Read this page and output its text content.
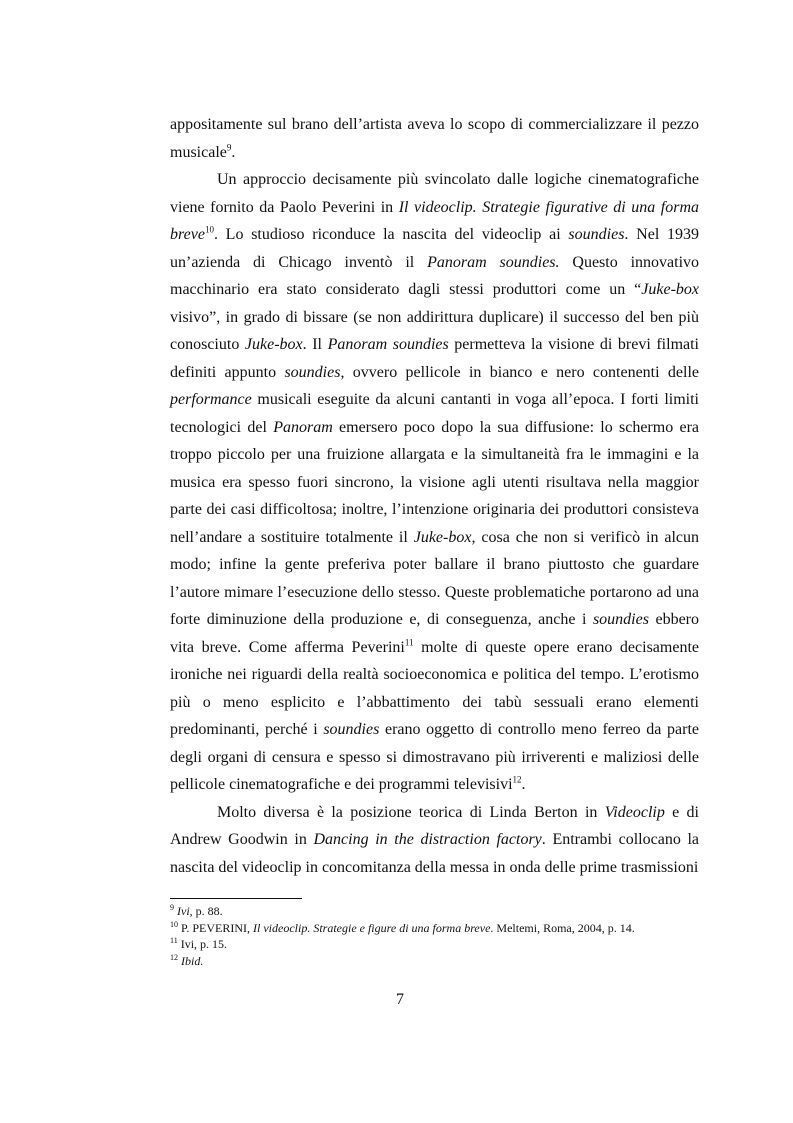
appositamente sul brano dell’artista aveva lo scopo di commercializzare il pezzo musicale$^9$.

Un approccio decisamente più svincolato dalle logiche cinematografiche viene fornito da Paolo Peverini in Il videoclip. Strategie figurative di una forma breve$^{10}$. Lo studioso riconduce la nascita del videoclip ai soundies. Nel 1939 un’azienda di Chicago inventò il Panoram soundies. Questo innovativo macchinario era stato considerato dagli stessi produttori come un “Juke-box visivo”, in grado di bissare (se non addirittura duplicare) il successo del ben più conosciuto Juke-box. Il Panoram soundies permetteva la visione di brevi filmati definiti appunto soundies, ovvero pellicole in bianco e nero contenenti delle performance musicali eseguite da alcuni cantanti in voga all’epoca. I forti limiti tecnologici del Panoram emersero poco dopo la sua diffusione: lo schermo era troppo piccolo per una fruizione allargata e la simultaneità fra le immagini e la musica era spesso fuori sincrono, la visione agli utenti risultava nella maggior parte dei casi difficoltosa; inoltre, l’intenzione originaria dei produttori consisteva nell’andare a sostituire totalmente il Juke-box, cosa che non si verificò in alcun modo; infine la gente preferiva poter ballare il brano piuttosto che guardare l’autore mimare l’esecuzione dello stesso. Queste problematiche portarono ad una forte diminuzione della produzione e, di conseguenza, anche i soundies ebbero vita breve. Come afferma Peverini$^{11}$ molte di queste opere erano decisamente ironiche nei riguardi della realtà socioeconomica e politica del tempo. L’erotismo più o meno esplicito e l’abbattimento dei tabù sessuali erano elementi predominanti, perché i soundies erano oggetto di controllo meno ferreo da parte degli organi di censura e spesso si dimostravano più irriverenti e maliziosi delle pellicole cinematografiche e dei programmi televisivi$^{12}$.

Molto diversa è la posizione teorica di Linda Berton in Videoclip e di Andrew Goodwin in Dancing in the distraction factory. Entrambi collocano la nascita del videoclip in concomitanza della messa in onda delle prime trasmissioni

$^9$ Ivi, p. 88.
$^{10}$ P. PEVERINI, Il videoclip. Strategie e figure di una forma breve. Meltemi, Roma, 2004, p. 14.
$^{11}$ Ivi, p. 15.
$^{12}$ Ibid.
7
